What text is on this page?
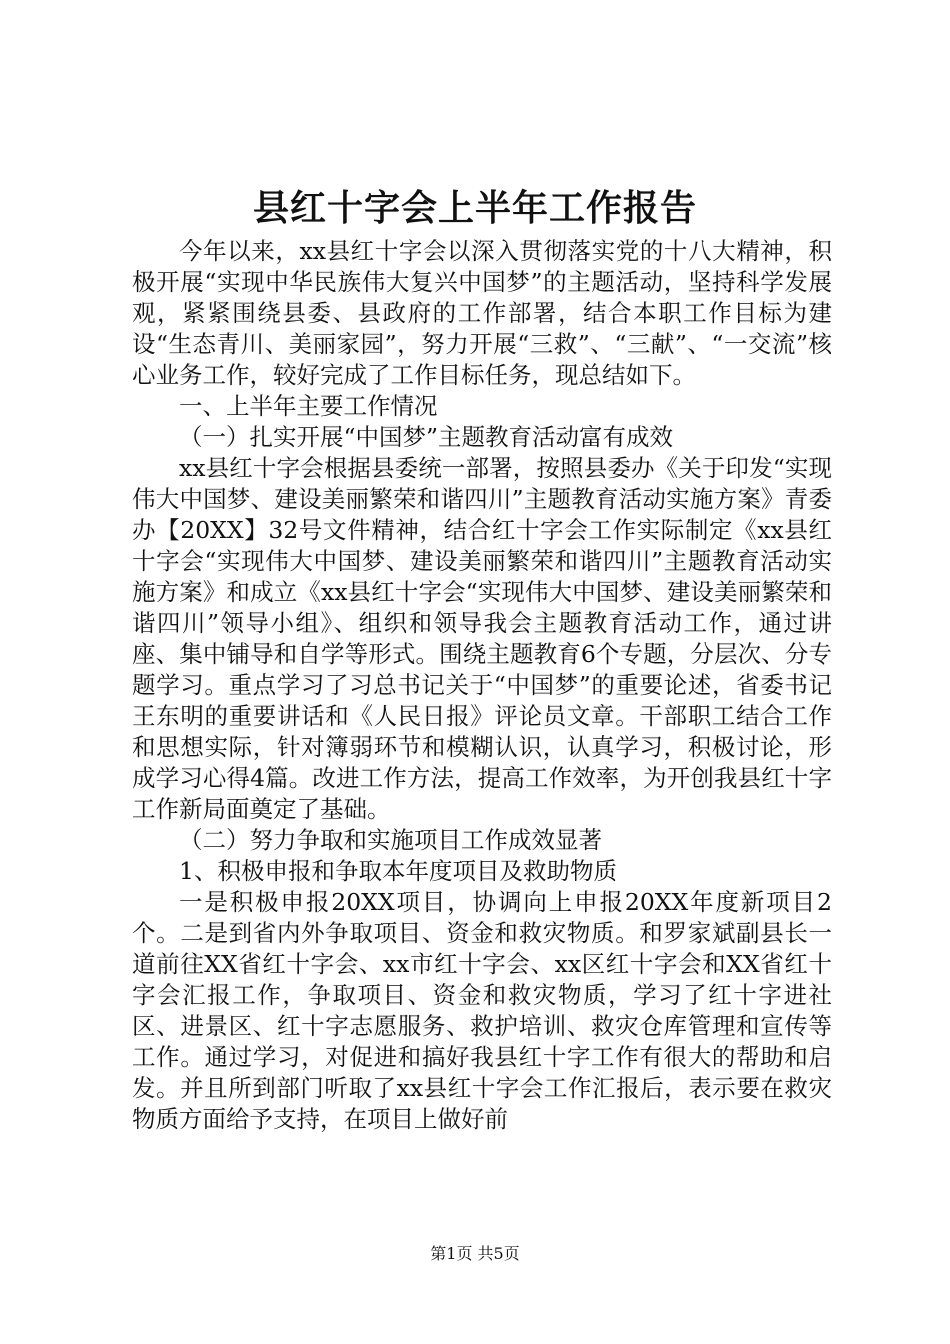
县红十字会上半年工作报告

今年以来，xx县红十字会以深入贯彻落实党的十八大精神，积极开展“实现中华民族伟大复兴中国梦”的主题活动，坚持科学发展观，紧紧围绕县委、县政府的工作部署，结合本职工作目标为建设“生态青川、美丽家园”，努力开展“三救”、“三献”、“一交流”核心业务工作，较好完成了工作目标任务，现总结如下。

一、上半年主要工作情况

（一）扎实开展“中国梦”主题教育活动富有成效

xx县红十字会根据县委统一部署，按照县委办《关于印发“实现伟大中国梦、建设美丽繁荣和谐四川”主题教育活动实施方案》青委办【20XX】32号文件精神，结合红十字会工作实际制定《xx县红十字会“实现伟大中国梦、建设美丽繁荣和谐四川”主题教育活动实施方案》和成立《xx县红十字会“实现伟大中国梦、建设美丽繁荣和谐四川”领导小组》、组织和领导我会主题教育活动工作，通过讲座、集中铺导和自学等形式。围绕主题教育6个专题，分层次、分专题学习。重点学习了习总书记关于“中国梦”的重要论述，省委书记王东明的重要讲话和《人民日报》评论员文章。干部职工结合工作和思想实际，针对簿弱环节和模糊认识，认真学习，积极讨论，形成学习心得4篇。改进工作方法，提高工作效率，为开创我县红十字工作新局面奠定了基础。

（二）努力争取和实施项目工作成效显著

1、积极申报和争取本年度项目及救助物质

一是积极申报20XX项目，协调向上申报20XX年度新项目2个。二是到省内外争取项目、资金和救灾物质。和罗家斌副县长一道前往XX省红十字会、xx市红十字会、xx区红十字会和XX省红十字会汇报工作，争取项目、资金和救灾物质，学习了红十字进社区、进景区、红十字志愿服务、救护培训、救灾仓库管理和宣传等工作。通过学习，对促进和搞好我县红十字工作有很大的帮助和启发。并且所到部门听取了xx县红十字会工作汇报后，表示要在救灾物质方面给予支持，在项目上做好前

第1页 共5页
